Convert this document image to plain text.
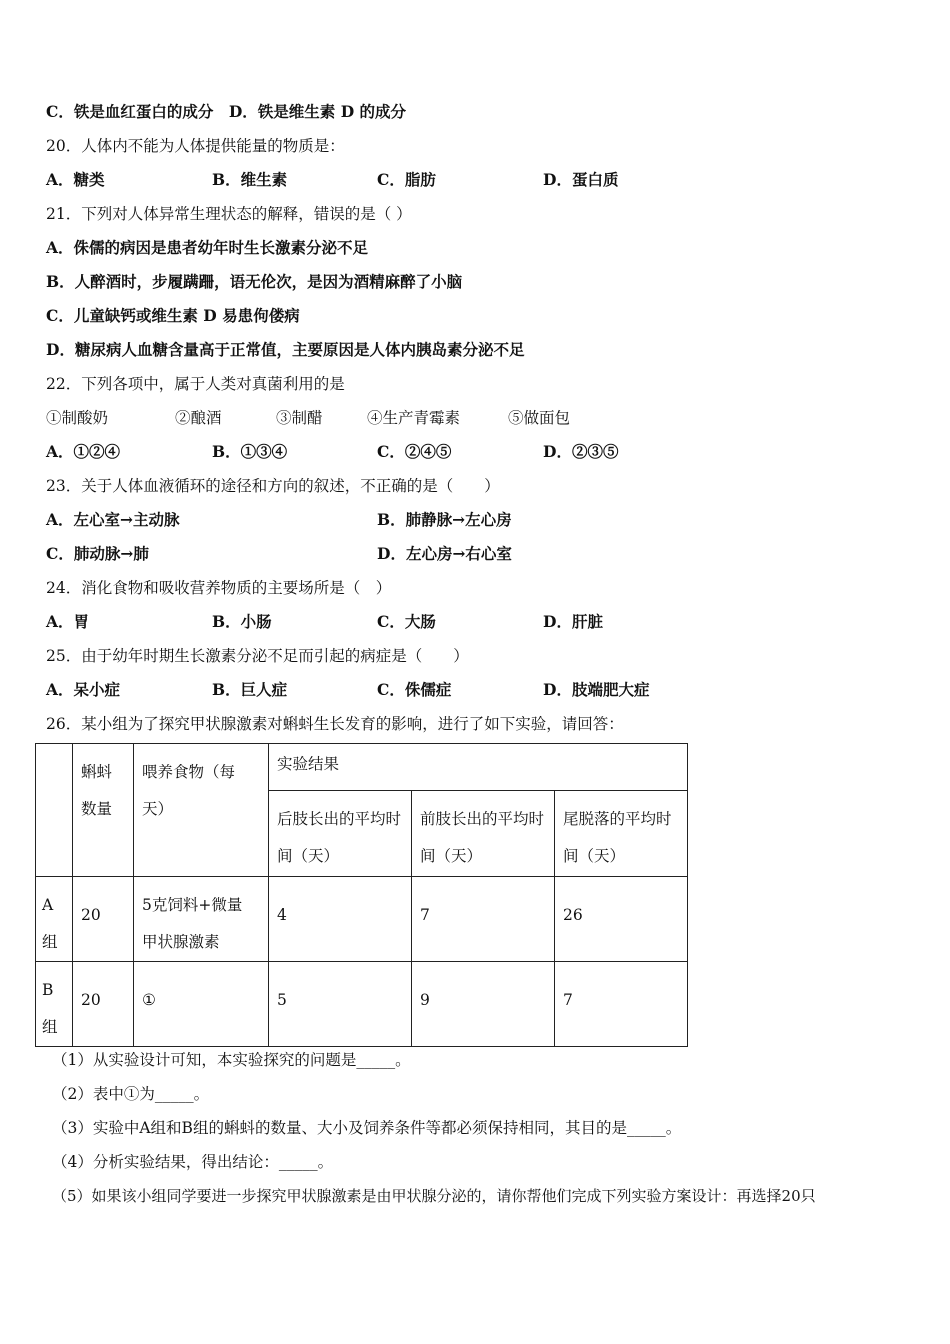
C．铁是血红蛋白的成分　 D．铁是维生素 D 的成分
20．人体内不能为人体提供能量的物质是：
A．糖类	B．维生素	C．脂肪	D．蛋白质
21．下列对人体异常生理状态的解释，错误的是（ ）
A．侏儒的病因是患者幼年时生长激素分泌不足
B．人醉酒时，步履蹒跚，语无伦次，是因为酒精麻醉了小脑
C．儿童缺钙或维生素 D 易患佝偻病
D．糖尿病人血糖含量高于正常值，主要原因是人体内胰岛素分泌不足
22．下列各项中，属于人类对真菌利用的是
①制酸奶	②酿酒	③制醋	④生产青霉素	⑤做面包
A．①②④	B．①③④	C．②④⑤	D．②③⑤
23．关于人体血液循环的途径和方向的叙述，不正确的是（　　）
A．左心室→主动脉	B．肺静脉→左心房
C．肺动脉→肺	D．左心房→右心室
24．消化食物和吸收营养物质的主要场所是（　）
A．胃	B．小肠	C．大肠	D．肝脏
25．由于幼年时期生长激素分泌不足而引起的病症是（　　）
A．呆小症	B．巨人症	C．侏儒症	D．肢端肥大症
26．某小组为了探究甲状腺激素对蝌蚪生长发育的影响，进行了如下实验，请回答：

	蝌蚪数量	喂养食物（每天）	实验结果		

			后肢长出的平均时间（天）	前肢长出的平均时间（天）	尾脱落的平均时间（天）

A组	20	5克饲料+微量甲状腺激素	4	7	26

B组	20	①	5	9	7
（1）从实验设计可知，本实验探究的问题是_____。
（2）表中①为_____。
（3）实验中A组和B组的蝌蚪的数量、大小及饲养条件等都必须保持相同，其目的是_____。
（4）分析实验结果，得出结论：_____。
（5）如果该小组同学要进一步探究甲状腺激素是由甲状腺分泌的，请你帮他们完成下列实验方案设计：再选择20只
